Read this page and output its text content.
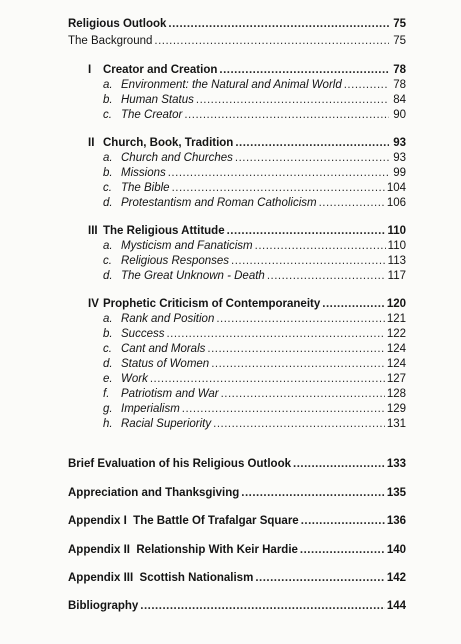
Religious Outlook .....	75
The Background .....	75
I Creator and Creation .....	78
a. Environment: the Natural and Animal World .....	78
b. Human Status .....	84
c. The Creator .....	90
II Church, Book, Tradition .....	93
a. Church and Churches .....	93
b. Missions .....	99
c. The Bible .....	104
d. Protestantism and Roman Catholicism .....	106
III The Religious Attitude .....	110
a. Mysticism and Fanaticism .....	110
c. Religious Responses .....	113
d. The Great Unknown - Death .....	117
IV Prophetic Criticism of Contemporaneity .....	120
a. Rank and Position .....	121
b. Success .....	122
c. Cant and Morals .....	124
d. Status of Women .....	124
e. Work .....	127
f. Patriotism and War .....	128
g. Imperialism .....	129
h. Racial Superiority .....	131
Brief Evaluation of his Religious Outlook .....	133
Appreciation and Thanksgiving .....	135
Appendix I  The Battle Of Trafalgar Square .....	136
Appendix II  Relationship With Keir Hardie .....	140
Appendix III  Scottish Nationalism .....	142
Bibliography .....	144
